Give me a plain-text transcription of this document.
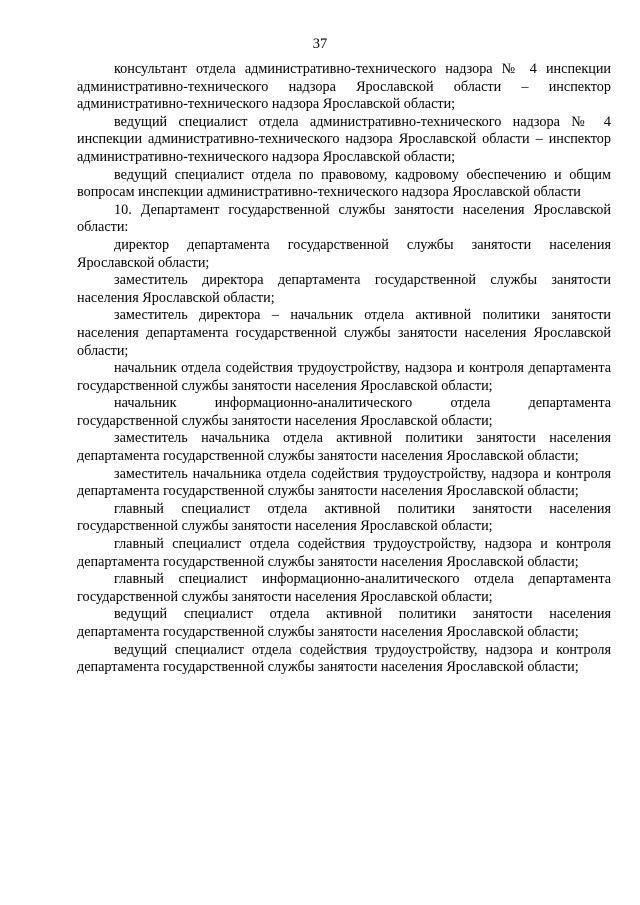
37

консультант отдела административно-технического надзора № 4 инспекции административно-технического надзора Ярославской области – инспектор административно-технического надзора Ярославской области;

ведущий специалист отдела административно-технического надзора № 4 инспекции административно-технического надзора Ярославской области – инспектор административно-технического надзора Ярославской области;

ведущий специалист отдела по правовому, кадровому обеспечению и общим вопросам инспекции административно-технического надзора Ярославской области

10. Департамент государственной службы занятости населения Ярославской области:

директор департамента государственной службы занятости населения Ярославской области;

заместитель директора департамента государственной службы занятости населения Ярославской области;

заместитель директора – начальник отдела активной политики занятости населения департамента государственной службы занятости населения Ярославской области;

начальник отдела содействия трудоустройству, надзора и контроля департамента государственной службы занятости населения Ярославской области;

начальник информационно-аналитического отдела департамента государственной службы занятости населения Ярославской области;

заместитель начальника отдела активной политики занятости населения департамента государственной службы занятости населения Ярославской области;

заместитель начальника отдела содействия трудоустройству, надзора и контроля департамента государственной службы занятости населения Ярославской области;

главный специалист отдела активной политики занятости населения государственной службы занятости населения Ярославской области;

главный специалист отдела содействия трудоустройству, надзора и контроля департамента государственной службы занятости населения Ярославской области;

главный специалист информационно-аналитического отдела департамента государственной службы занятости населения Ярославской области;

ведущий специалист отдела активной политики занятости населения департамента государственной службы занятости населения Ярославской области;

ведущий специалист отдела содействия трудоустройству, надзора и контроля департамента государственной службы занятости населения Ярославской области;
